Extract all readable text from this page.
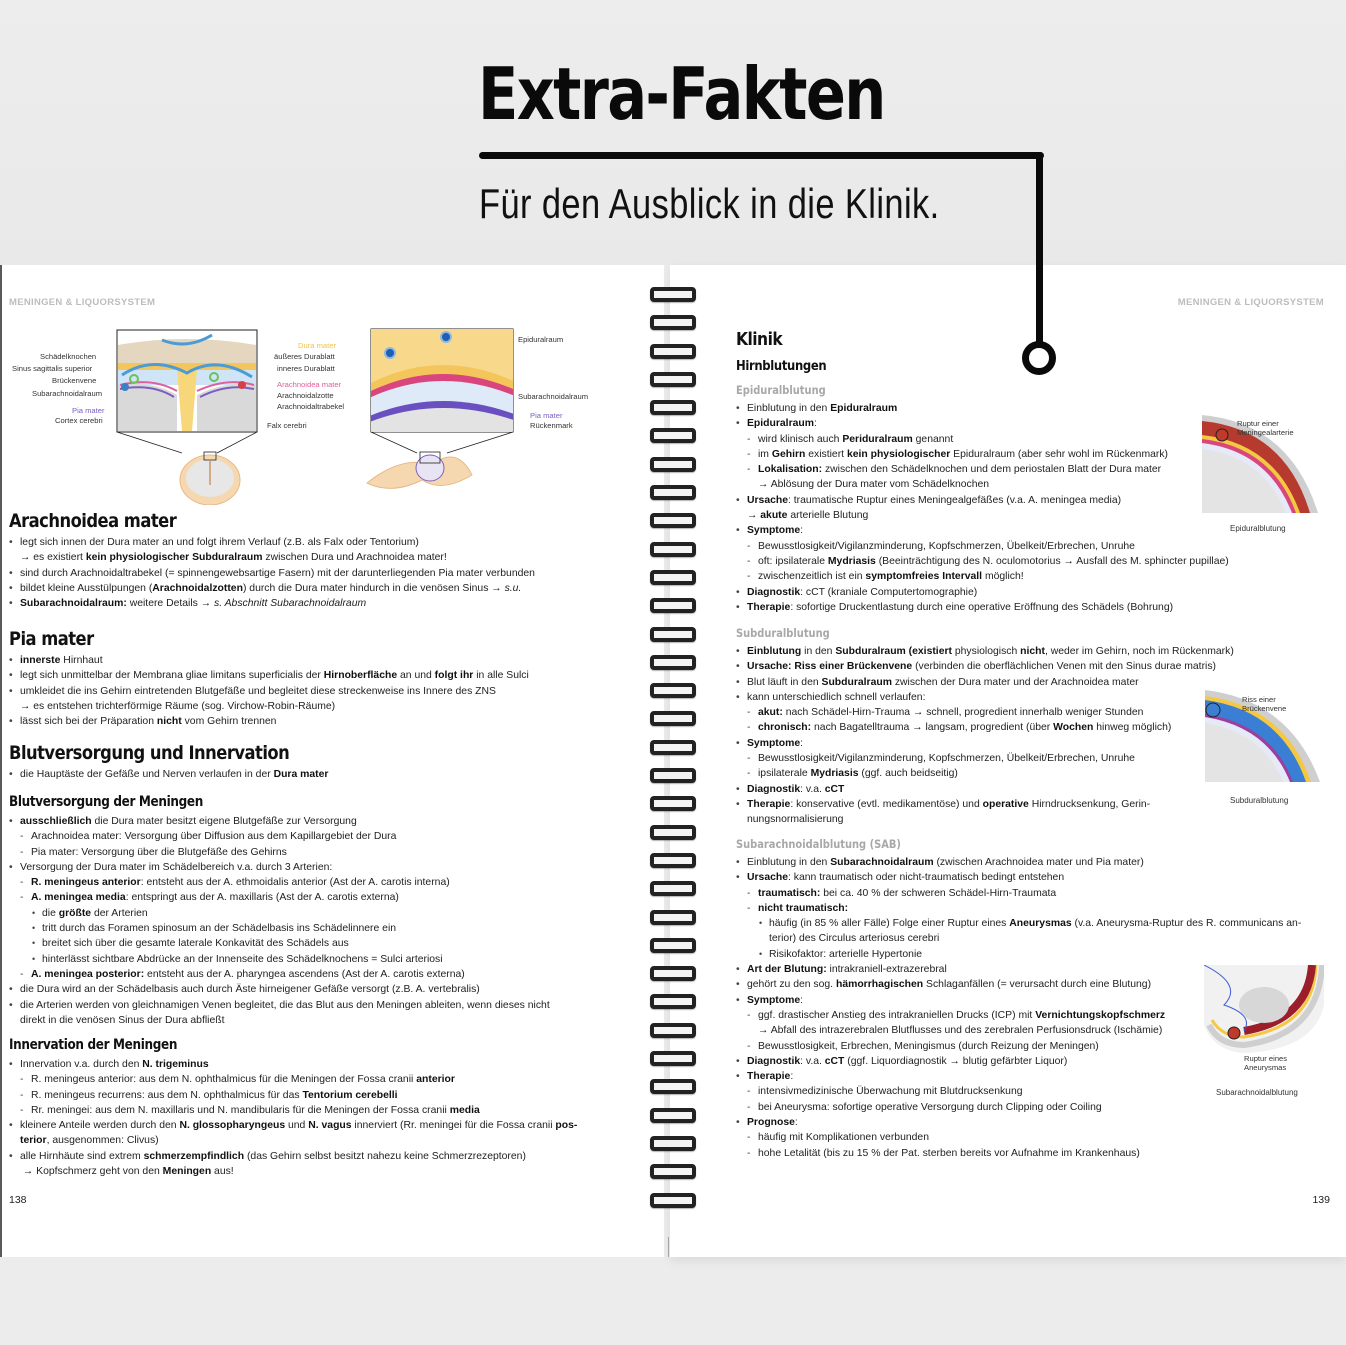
Extra-Fakten
Für den Ausblick in die Klinik.
MENINGEN & LIQUORSYSTEM
Schädelknochen
Sinus sagittalis superior
Brückenvene
Subarachnoidalraum
Pia mater
Cortex cerebri
Dura mater
äußeres Durablatt
inneres Durablatt
Arachnoidea mater
Arachnoidalzotte
Arachnoidaltrabekel
Falx cerebri
Epiduralraum
Subarachnoidalraum
Pia mater
Rückenmark
Arachnoidea mater
• legt sich innen der Dura mater an und folgt ihrem Verlauf (z.B. als Falx oder Tentorium)
→ es existiert kein physiologischer Subduralraum zwischen Dura und Arachnoidea mater!
• sind durch Arachnoidaltrabekel (= spinnengewebsartige Fasern) mit der darunterliegenden Pia mater verbunden
• bildet kleine Ausstülpungen (Arachnoidalzotten) durch die Dura mater hindurch in die venösen Sinus → s.u.
• Subarachnoidalraum: weitere Details → s. Abschnitt Subarachnoidalraum
Pia mater
• innerste Hirnhaut
• legt sich unmittelbar der Membrana gliae limitans superficialis der Hirnoberfläche an und folgt ihr in alle Sulci
• umkleidet die ins Gehirn eintretenden Blutgefäße und begleitet diese streckenweise ins Innere des ZNS
→ es entstehen trichterförmige Räume (sog. Virchow-Robin-Räume)
• lässt sich bei der Präparation nicht vom Gehirn trennen
Blutversorgung und Innervation
• die Hauptäste der Gefäße und Nerven verlaufen in der Dura mater
Blutversorgung der Meningen
• ausschließlich die Dura mater besitzt eigene Blutgefäße zur Versorgung
- Arachnoidea mater: Versorgung über Diffusion aus dem Kapillargebiet der Dura
- Pia mater: Versorgung über die Blutgefäße des Gehirns
• Versorgung der Dura mater im Schädelbereich v.a. durch 3 Arterien:
- R. meningeus anterior: entsteht aus der A. ethmoidalis anterior (Ast der A. carotis interna)
- A. meningea media: entspringt aus der A. maxillaris (Ast der A. carotis externa)
• die größte der Arterien
• tritt durch das Foramen spinosum an der Schädelbasis ins Schädelinnere ein
• breitet sich über die gesamte laterale Konkavität des Schädels aus
• hinterlässt sichtbare Abdrücke an der Innenseite des Schädelknochens = Sulci arteriosi
- A. meningea posterior: entsteht aus der A. pharyngea ascendens (Ast der A. carotis externa)
• die Dura wird an der Schädelbasis auch durch Äste hirneigener Gefäße versorgt (z.B. A. vertebralis)
• die Arterien werden von gleichnamigen Venen begleitet, die das Blut aus den Meningen ableiten, wenn dieses nicht
direkt in die venösen Sinus der Dura abfließt
Innervation der Meningen
• Innervation v.a. durch den N. trigeminus
- R. meningeus anterior: aus dem N. ophthalmicus für die Meningen der Fossa cranii anterior
- R. meningeus recurrens: aus dem N. ophthalmicus für das Tentorium cerebelli
- Rr. meningei: aus dem N. maxillaris und N. mandibularis für die Meningen der Fossa cranii media
• kleinere Anteile werden durch den N. glossopharyngeus und N. vagus innerviert (Rr. meningei für die Fossa cranii pos-
terior, ausgenommen: Clivus)
• alle Hirnhäute sind extrem schmerzempfindlich (das Gehirn selbst besitzt nahezu keine Schmerzrezeptoren)
→ Kopfschmerz geht von den Meningen aus!
138
MENINGEN & LIQUORSYSTEM
Klinik
Hirnblutungen
Epiduralblutung
• Einblutung in den Epiduralraum
• Epiduralraum:
- wird klinisch auch Periduralraum genannt
- im Gehirn existiert kein physiologischer Epiduralraum (aber sehr wohl im Rückenmark)
- Lokalisation: zwischen den Schädelknochen und dem periostalen Blatt der Dura mater
→ Ablösung der Dura mater vom Schädelknochen
• Ursache: traumatische Ruptur eines Meningealgefäßes (v.a. A. meningea media)
→ akute arterielle Blutung
• Symptome:
- Bewusstlosigkeit/Vigilanzminderung, Kopfschmerzen, Übelkeit/Erbrechen, Unruhe
- oft: ipsilaterale Mydriasis (Beeinträchtigung des N. oculomotorius → Ausfall des M. sphincter pupillae)
- zwischenzeitlich ist ein symptomfreies Intervall möglich!
• Diagnostik: cCT (kraniale Computertomographie)
• Therapie: sofortige Druckentlastung durch eine operative Eröffnung des Schädels (Bohrung)
Subduralblutung
• Einblutung in den Subduralraum (existiert physiologisch nicht, weder im Gehirn, noch im Rückenmark)
• Ursache: Riss einer Brückenvene (verbinden die oberflächlichen Venen mit den Sinus durae matris)
• Blut läuft in den Subduralraum zwischen der Dura mater und der Arachnoidea mater
• kann unterschiedlich schnell verlaufen:
- akut: nach Schädel-Hirn-Trauma → schnell, progredient innerhalb weniger Stunden
- chronisch: nach Bagatelltrauma → langsam, progredient (über Wochen hinweg möglich)
• Symptome:
- Bewusstlosigkeit/Vigilanzminderung, Kopfschmerzen, Übelkeit/Erbrechen, Unruhe
- ipsilaterale Mydriasis (ggf. auch beidseitig)
• Diagnostik: v.a. cCT
• Therapie: konservative (evtl. medikamentöse) und operative Hirndrucksenkung, Gerin-
nungsnormalisierung
Subarachnoidalblutung (SAB)
• Einblutung in den Subarachnoidalraum (zwischen Arachnoidea mater und Pia mater)
• Ursache: kann traumatisch oder nicht-traumatisch bedingt entstehen
- traumatisch: bei ca. 40 % der schweren Schädel-Hirn-Traumata
- nicht traumatisch:
• häufig (in 85 % aller Fälle) Folge einer Ruptur eines Aneurysmas (v.a. Aneurysma-Ruptur des R. communicans an-
terior) des Circulus arteriosus cerebri
• Risikofaktor: arterielle Hypertonie
• Art der Blutung: intrakraniell-extrazerebral
• gehört zu den sog. hämorrhagischen Schlaganfällen (= verursacht durch eine Blutung)
• Symptome:
- ggf. drastischer Anstieg des intrakraniellen Drucks (ICP) mit Vernichtungskopfschmerz
→ Abfall des intrazerebralen Blutflusses und des zerebralen Perfusionsdruck (Ischämie)
- Bewusstlosigkeit, Erbrechen, Meningismus (durch Reizung der Meningen)
• Diagnostik: v.a. cCT (ggf. Liquordiagnostik → blutig gefärbter Liquor)
• Therapie:
- intensivmedizinische Überwachung mit Blutdrucksenkung
- bei Aneurysma: sofortige operative Versorgung durch Clipping oder Coiling
• Prognose:
- häufig mit Komplikationen verbunden
- hohe Letalität (bis zu 15 % der Pat. sterben bereits vor Aufnahme im Krankenhaus)
Ruptur einer
Meningealarterie
Epiduralblutung
Riss einer
Brückenvene
Subduralblutung
Ruptur eines
Aneurysmas
Subarachnoidalblutung
139
